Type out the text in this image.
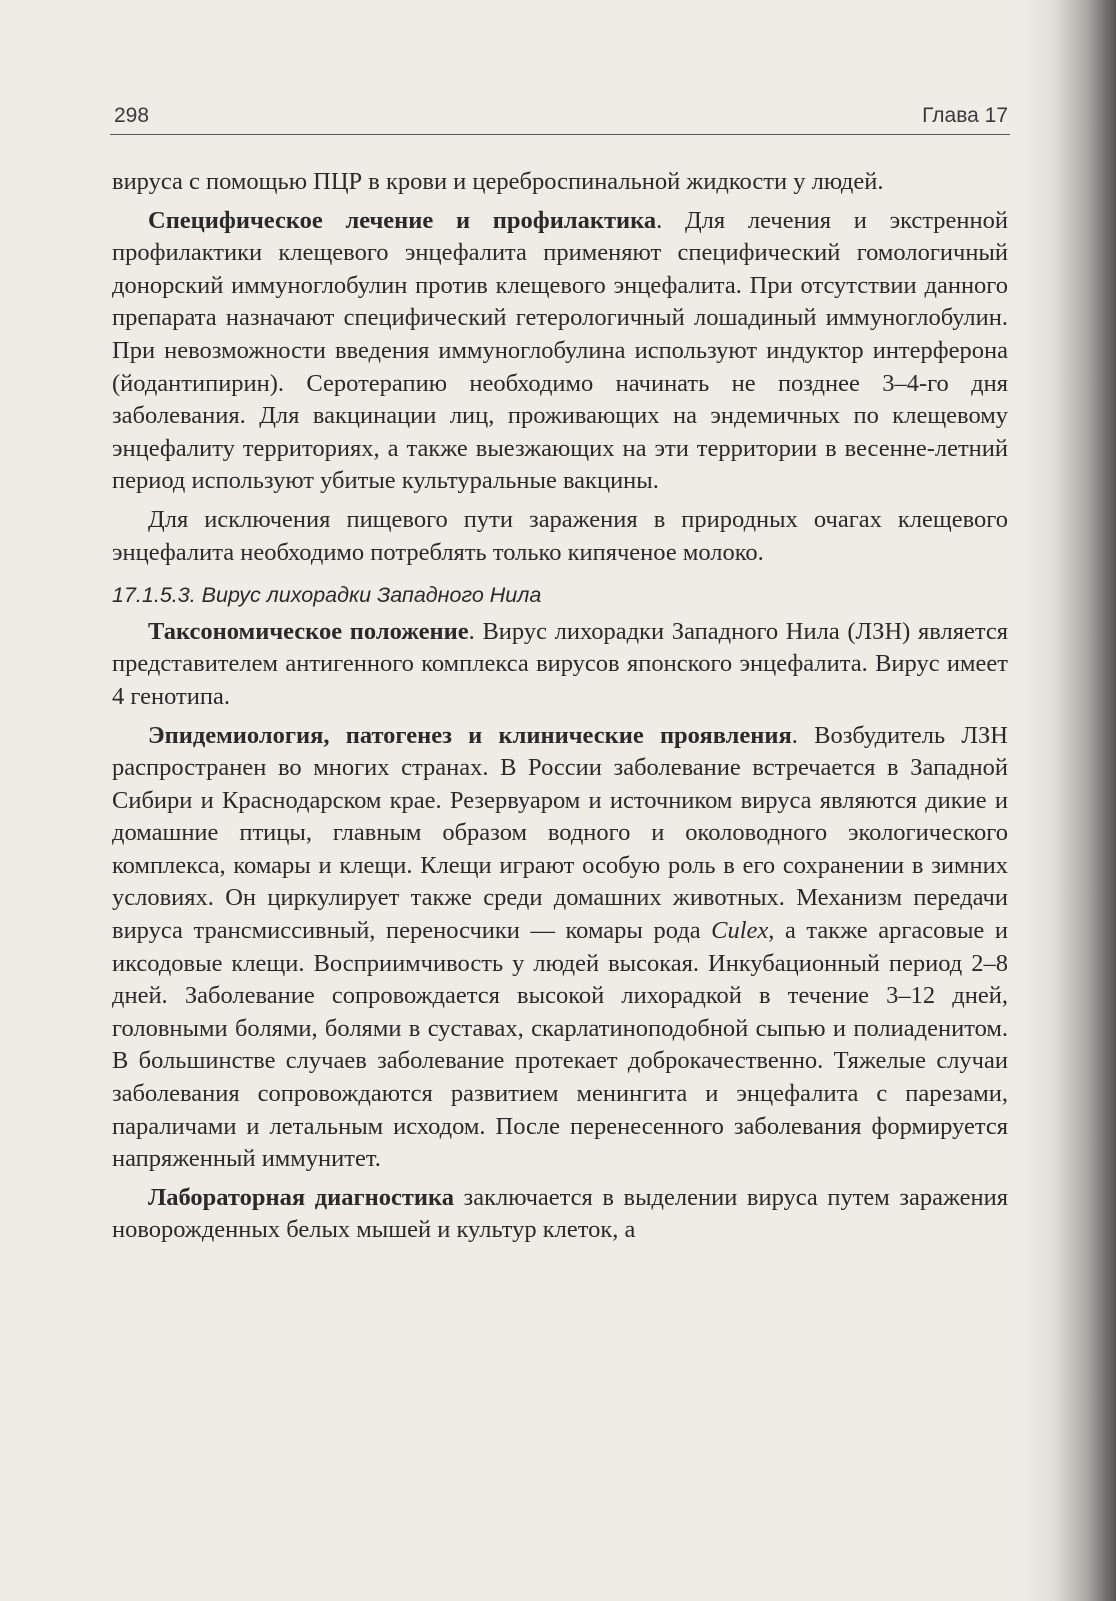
298	Глава 17

вируса с помощью ПЦР в крови и цереброспинальной жидкости у людей.

Специфическое лечение и профилактика. Для лечения и экстренной профилактики клещевого энцефалита применяют специфический гомологичный донорский иммуноглобулин против клещевого энцефалита. При отсутствии данного препарата назначают специфический гетерологичный лошадиный иммуноглобулин. При невозможности введения иммуноглобулина используют индуктор интерферона (йодантипирин). Серотерапию необходимо начинать не позднее 3–4-го дня заболевания. Для вакцинации лиц, проживающих на эндемичных по клещевому энцефалиту территориях, а также выезжающих на эти территории в весенне-летний период используют убитые культуральные вакцины.

Для исключения пищевого пути заражения в природных очагах клещевого энцефалита необходимо потреблять только кипяченое молоко.

17.1.5.3. Вирус лихорадки Западного Нила

Таксономическое положение. Вирус лихорадки Западного Нила (ЛЗН) является представителем антигенного комплекса вирусов японского энцефалита. Вирус имеет 4 генотипа.

Эпидемиология, патогенез и клинические проявления. Возбудитель ЛЗН распространен во многих странах. В России заболевание встречается в Западной Сибири и Краснодарском крае. Резервуаром и источником вируса являются дикие и домашние птицы, главным образом водного и околоводного экологического комплекса, комары и клещи. Клещи играют особую роль в его сохранении в зимних условиях. Он циркулирует также среди домашних животных. Механизм передачи вируса трансмиссивный, переносчики — комары рода Culex, а также аргасовые и иксодовые клещи. Восприимчивость у людей высокая. Инкубационный период 2–8 дней. Заболевание сопровождается высокой лихорадкой в течение 3–12 дней, головными болями, болями в суставах, скарлатиноподобной сыпью и полиаденитом. В большинстве случаев заболевание протекает доброкачественно. Тяжелые случаи заболевания сопровождаются развитием менингита и энцефалита с парезами, параличами и летальным исходом. После перенесенного заболевания формируется напряженный иммунитет.

Лабораторная диагностика заключается в выделении вируса путем заражения новорожденных белых мышей и культур клеток, а
